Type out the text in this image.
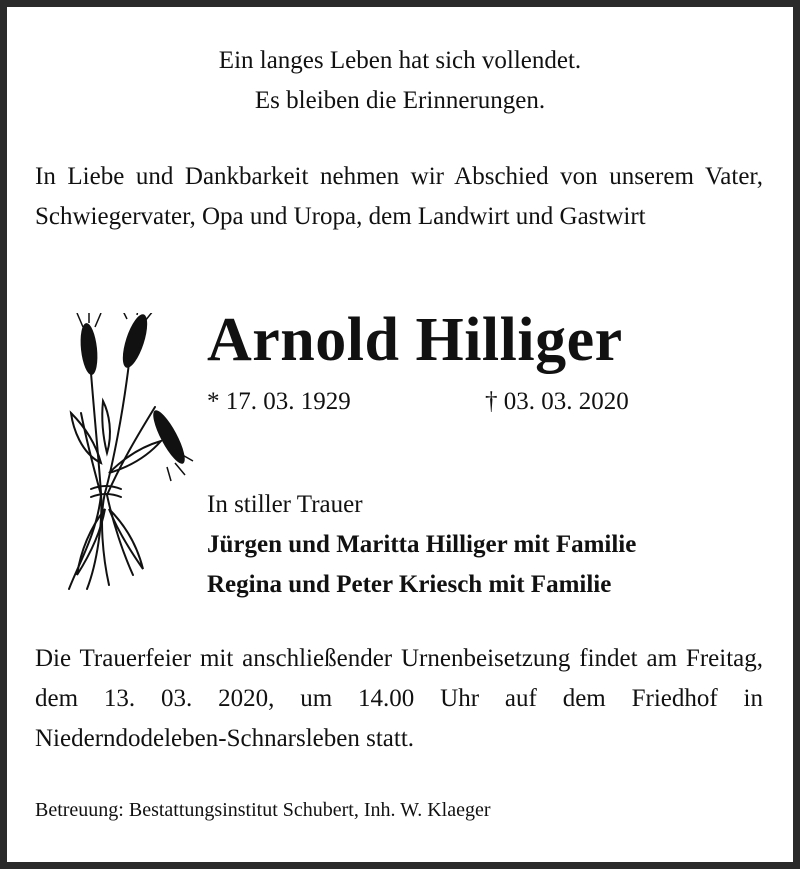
Ein langes Leben hat sich vollendet.
Es bleiben die Erinnerungen.
In Liebe und Dankbarkeit nehmen wir Abschied von unserem Vater, Schwiegervater, Opa und Uropa, dem Landwirt und Gastwirt
Arnold Hilliger
* 17. 03. 1929	† 03. 03. 2020
In stiller Trauer
Jürgen und Maritta Hilliger mit Familie
Regina und Peter Kriesch mit Familie
Die Trauerfeier mit anschließender Urnenbeisetzung findet am Freitag, dem 13. 03. 2020, um 14.00 Uhr auf dem Friedhof in Niederndodeleben-Schnarsleben statt.
Betreuung: Bestattungsinstitut Schubert, Inh. W. Klaeger
